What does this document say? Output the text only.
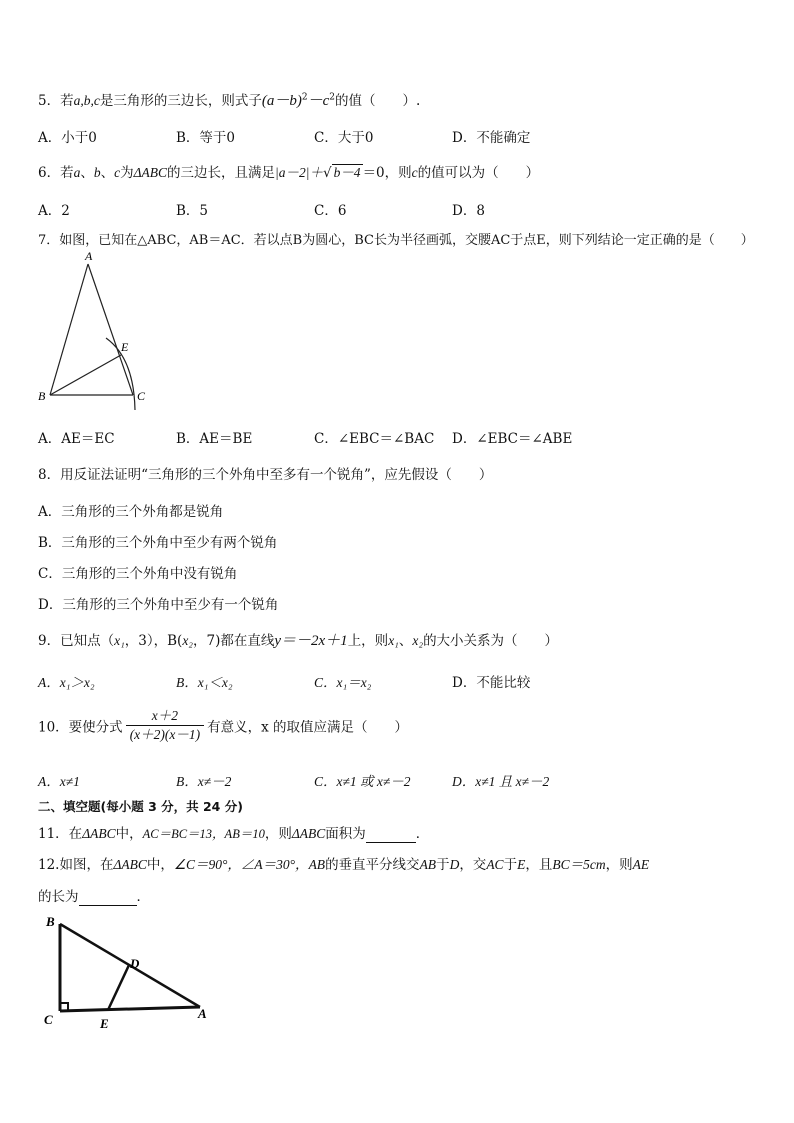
5．若a,b,c是三角形的三边长，则式子$(a-b)^2-c^2$的值（　　）.
A．小于0	B．等于0	C．大于0	D．不能确定
6．若a、b、c为ΔABC的三边长，且满足|a－2|＋√ b－4 ＝0，则c的值可以为（　　）
A．2	B．5	C．6	D．8
7．如图，已知在△ABC，AB＝AC．若以点B为圆心，BC长为半径画弧，交腰AC于点E，则下列结论一定正确的是（　　）
A
B	C
E
A．AE＝EC	B．AE＝BE	C．∠EBC＝∠BAC D．∠EBC＝∠ABE
8．用反证法证明“三角形的三个外角中至多有一个锐角”，应先假设（　　）
A．三角形的三个外角都是锐角
B．三角形的三个外角中至少有两个锐角
C．三角形的三个外角中没有锐角
D．三角形的三个外角中至少有一个锐角
9．已知点（x₁，3），B(x₂，7)都在直线y＝－2x＋1上，则x₁、x₂的大小关系为（　　）
A．x₁＞x₂	B．x₁＜x₂	C．x₁＝x₂	D．不能比较
10．要使分式 $\frac{x+2}{(x+2)(x-1)}$ 有意义，x 的取值应满足（　　）
A．x≠1	B．x≠－2	C．x≠1 或 x≠－2	D．x≠1 且 x≠－2
二、填空题(每小题 3 分，共 24 分)
11．在ΔABC中，AC＝BC＝13，AB＝10，则ΔABC面积为	．
12.如图，在ΔABC中，∠C＝90°，∠A＝30°，AB的垂直平分线交AB于D，交AC于E，且BC＝5cm，则AE
的长为	．
B
C
D
E
A
